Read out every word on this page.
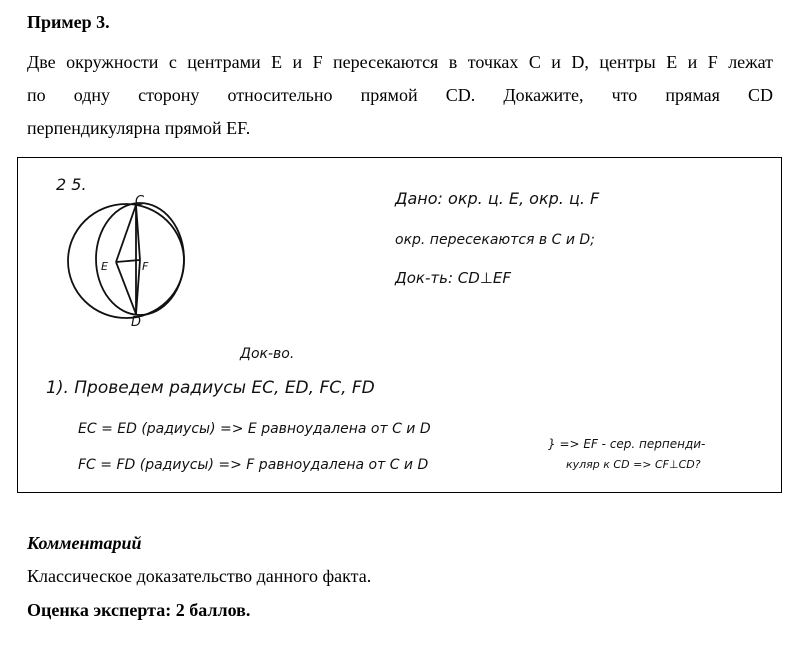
Пример 3.
Две окружности с центрами E и F пересекаются в точках C и D, центры E и F лежат
по одну сторону относительно прямой CD. Докажите, что прямая CD
перпендикулярна прямой EF.
2 5.
C
D
E	F
Дано: окр. ц. E, окр. ц. F
окр. пересекаются в C и D;
Док-ть: CD⊥EF
Док-во.
1). Проведем радиусы EC, ED, FC, FD
EC = ED (радиусы) => E равноудалена от C и D
FC = FD (радиусы) => F равноудалена от C и D
} => EF - сер. перпенди-
куляр к CD => CF⊥CD?
Комментарий
Классическое доказательство данного факта.
Оценка эксперта: 2 баллов.
